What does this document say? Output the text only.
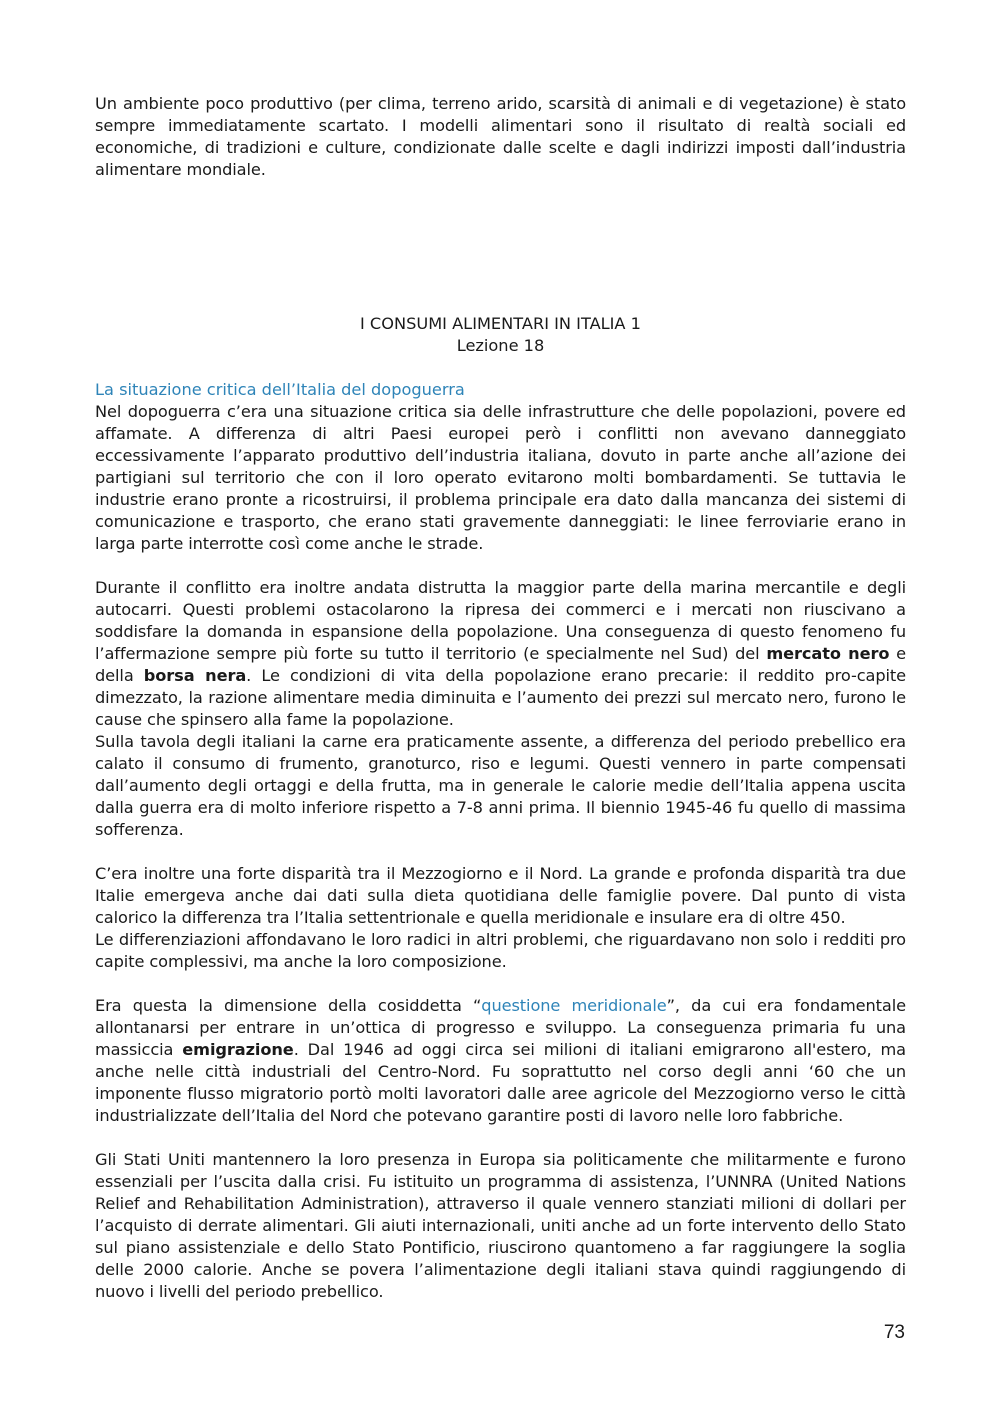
Un ambiente poco produttivo (per clima, terreno arido, scarsità di animali e di vegetazione) è stato sempre immediatamente scartato. I modelli alimentari sono il risultato di realtà sociali ed economiche, di tradizioni e culture, condizionate dalle scelte e dagli indirizzi imposti dall’industria alimentare mondiale.

I CONSUMI ALIMENTARI IN ITALIA 1
Lezione 18
La situazione critica dell’Italia del dopoguerra

Nel dopoguerra c’era una situazione critica sia delle infrastrutture che delle popolazioni, povere ed affamate. A differenza di altri Paesi europei però i conflitti non avevano danneggiato eccessivamente l’apparato produttivo dell’industria italiana, dovuto in parte anche all’azione dei partigiani sul territorio che con il loro operato evitarono molti bombardamenti. Se tuttavia le industrie erano pronte a ricostruirsi, il problema principale era dato dalla mancanza dei sistemi di comunicazione e trasporto, che erano stati gravemente danneggiati: le linee ferroviarie erano in larga parte interrotte così come anche le strade.

Durante il conflitto era inoltre andata distrutta la maggior parte della marina mercantile e degli autocarri. Questi problemi ostacolarono la ripresa dei commerci e i mercati non riuscivano a soddisfare la domanda in espansione della popolazione. Una conseguenza di questo fenomeno fu l’affermazione sempre più forte su tutto il territorio (e specialmente nel Sud) del mercato nero e della borsa nera. Le condizioni di vita della popolazione erano precarie: il reddito pro-capite dimezzato, la razione alimentare media diminuita e l’aumento dei prezzi sul mercato nero, furono le cause che spinsero alla fame la popolazione.

Sulla tavola degli italiani la carne era praticamente assente, a differenza del periodo prebellico era calato il consumo di frumento, granoturco, riso e legumi. Questi vennero in parte compensati dall’aumento degli ortaggi e della frutta, ma in generale le calorie medie dell’Italia appena uscita dalla guerra era di molto inferiore rispetto a 7-8 anni prima. Il biennio 1945-46 fu quello di massima sofferenza.

C’era inoltre una forte disparità tra il Mezzogiorno e il Nord. La grande e profonda disparità tra due Italie emergeva anche dai dati sulla dieta quotidiana delle famiglie povere. Dal punto di vista calorico la differenza tra l’Italia settentrionale e quella meridionale e insulare era di oltre 450.

Le differenziazioni affondavano le loro radici in altri problemi, che riguardavano non solo i redditi pro capite complessivi, ma anche la loro composizione.

Era questa la dimensione della cosiddetta “questione meridionale”, da cui era fondamentale allontanarsi per entrare in un’ottica di progresso e sviluppo. La conseguenza primaria fu una massiccia emigrazione. Dal 1946 ad oggi circa sei milioni di italiani emigrarono all'estero, ma anche nelle città industriali del Centro-Nord. Fu soprattutto nel corso degli anni ‘60 che un imponente flusso migratorio portò molti lavoratori dalle aree agricole del Mezzogiorno verso le città industrializzate dell’Italia del Nord che potevano garantire posti di lavoro nelle loro fabbriche.

Gli Stati Uniti mantennero la loro presenza in Europa sia politicamente che militarmente e furono essenziali per l’uscita dalla crisi. Fu istituito un programma di assistenza, l’UNNRA (United Nations Relief and Rehabilitation Administration), attraverso il quale vennero stanziati milioni di dollari per l’acquisto di derrate alimentari. Gli aiuti internazionali, uniti anche ad un forte intervento dello Stato sul piano assistenziale e dello Stato Pontificio, riuscirono quantomeno a far raggiungere la soglia delle 2000 calorie. Anche se povera l’alimentazione degli italiani stava quindi raggiungendo di nuovo i livelli del periodo prebellico.

73
